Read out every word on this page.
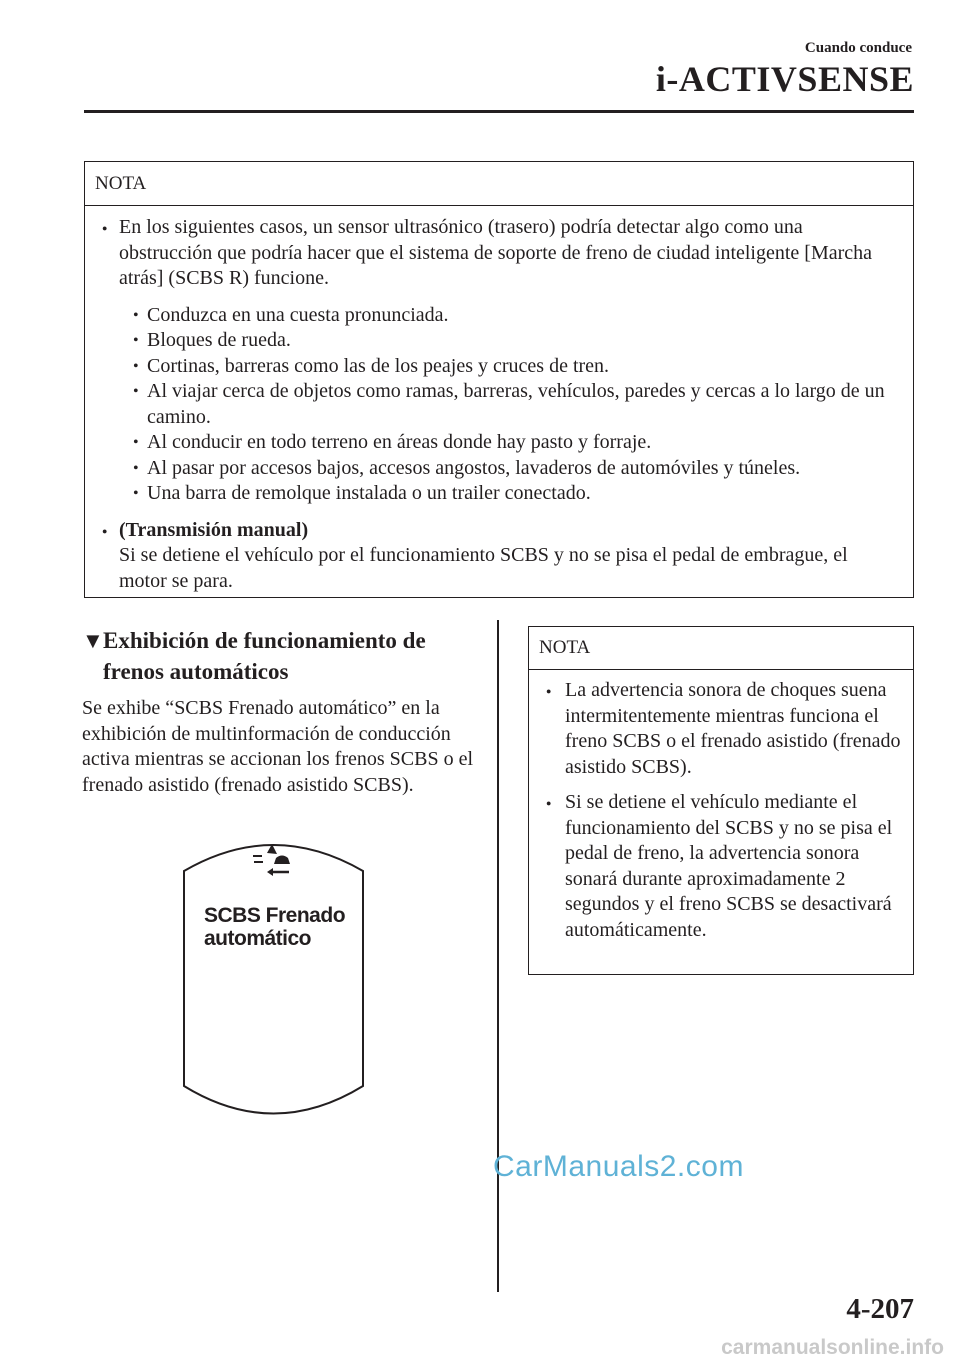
Cuando conduce
i-ACTIVSENSE
NOTA
● En los siguientes casos, un sensor ultrasónico (trasero) podría detectar algo como una obstrucción que podría hacer que el sistema de soporte de freno de ciudad inteligente [Marcha atrás] (SCBS R) funcione.
• Conduzca en una cuesta pronunciada.
• Bloques de rueda.
• Cortinas, barreras como las de los peajes y cruces de tren.
• Al viajar cerca de objetos como ramas, barreras, vehículos, paredes y cercas a lo largo de un camino.
• Al conducir en todo terreno en áreas donde hay pasto y forraje.
• Al pasar por accesos bajos, accesos angostos, lavaderos de automóviles y túneles.
• Una barra de remolque instalada o un trailer conectado.
● (Transmisión manual)
Si se detiene el vehículo por el funcionamiento SCBS y no se pisa el pedal de embrague, el motor se para.
▼ Exhibición de funcionamiento de frenos automáticos
Se exhibe “SCBS Frenado automático” en la exhibición de multinformación de conducción activa mientras se accionan los frenos SCBS o el frenado asistido (frenado asistido SCBS).
SCBS Frenado
automático
NOTA
● La advertencia sonora de choques suena intermitentemente mientras funciona el freno SCBS o el frenado asistido (frenado asistido SCBS).
● Si se detiene el vehículo mediante el funcionamiento del SCBS y no se pisa el pedal de freno, la advertencia sonora sonará durante aproximadamente 2 segundos y el freno SCBS se desactivará automáticamente.
CarManuals2.com
4-207
carmanualsonline.info
